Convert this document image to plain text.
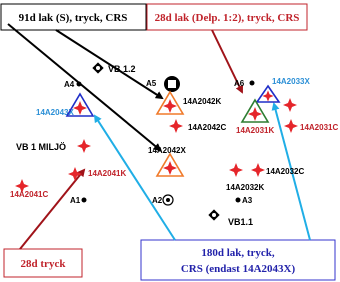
91d lak (S), tryck, CRS 28d lak (Delp. 1:2), tryck, CRS
28d tryck
180d lak, tryck,
CRS (endast 14A2043X)
VB 1.2
A4	A5	A6	14A2033X
14A2043X
14A2042K
14A2042C 14A2031K	14A2031C
VB 1 MILJÖ	14A2042X
14A2032C
14A2032K
14A2041C
14A2041K
A1	A2	A3
VB1.1
